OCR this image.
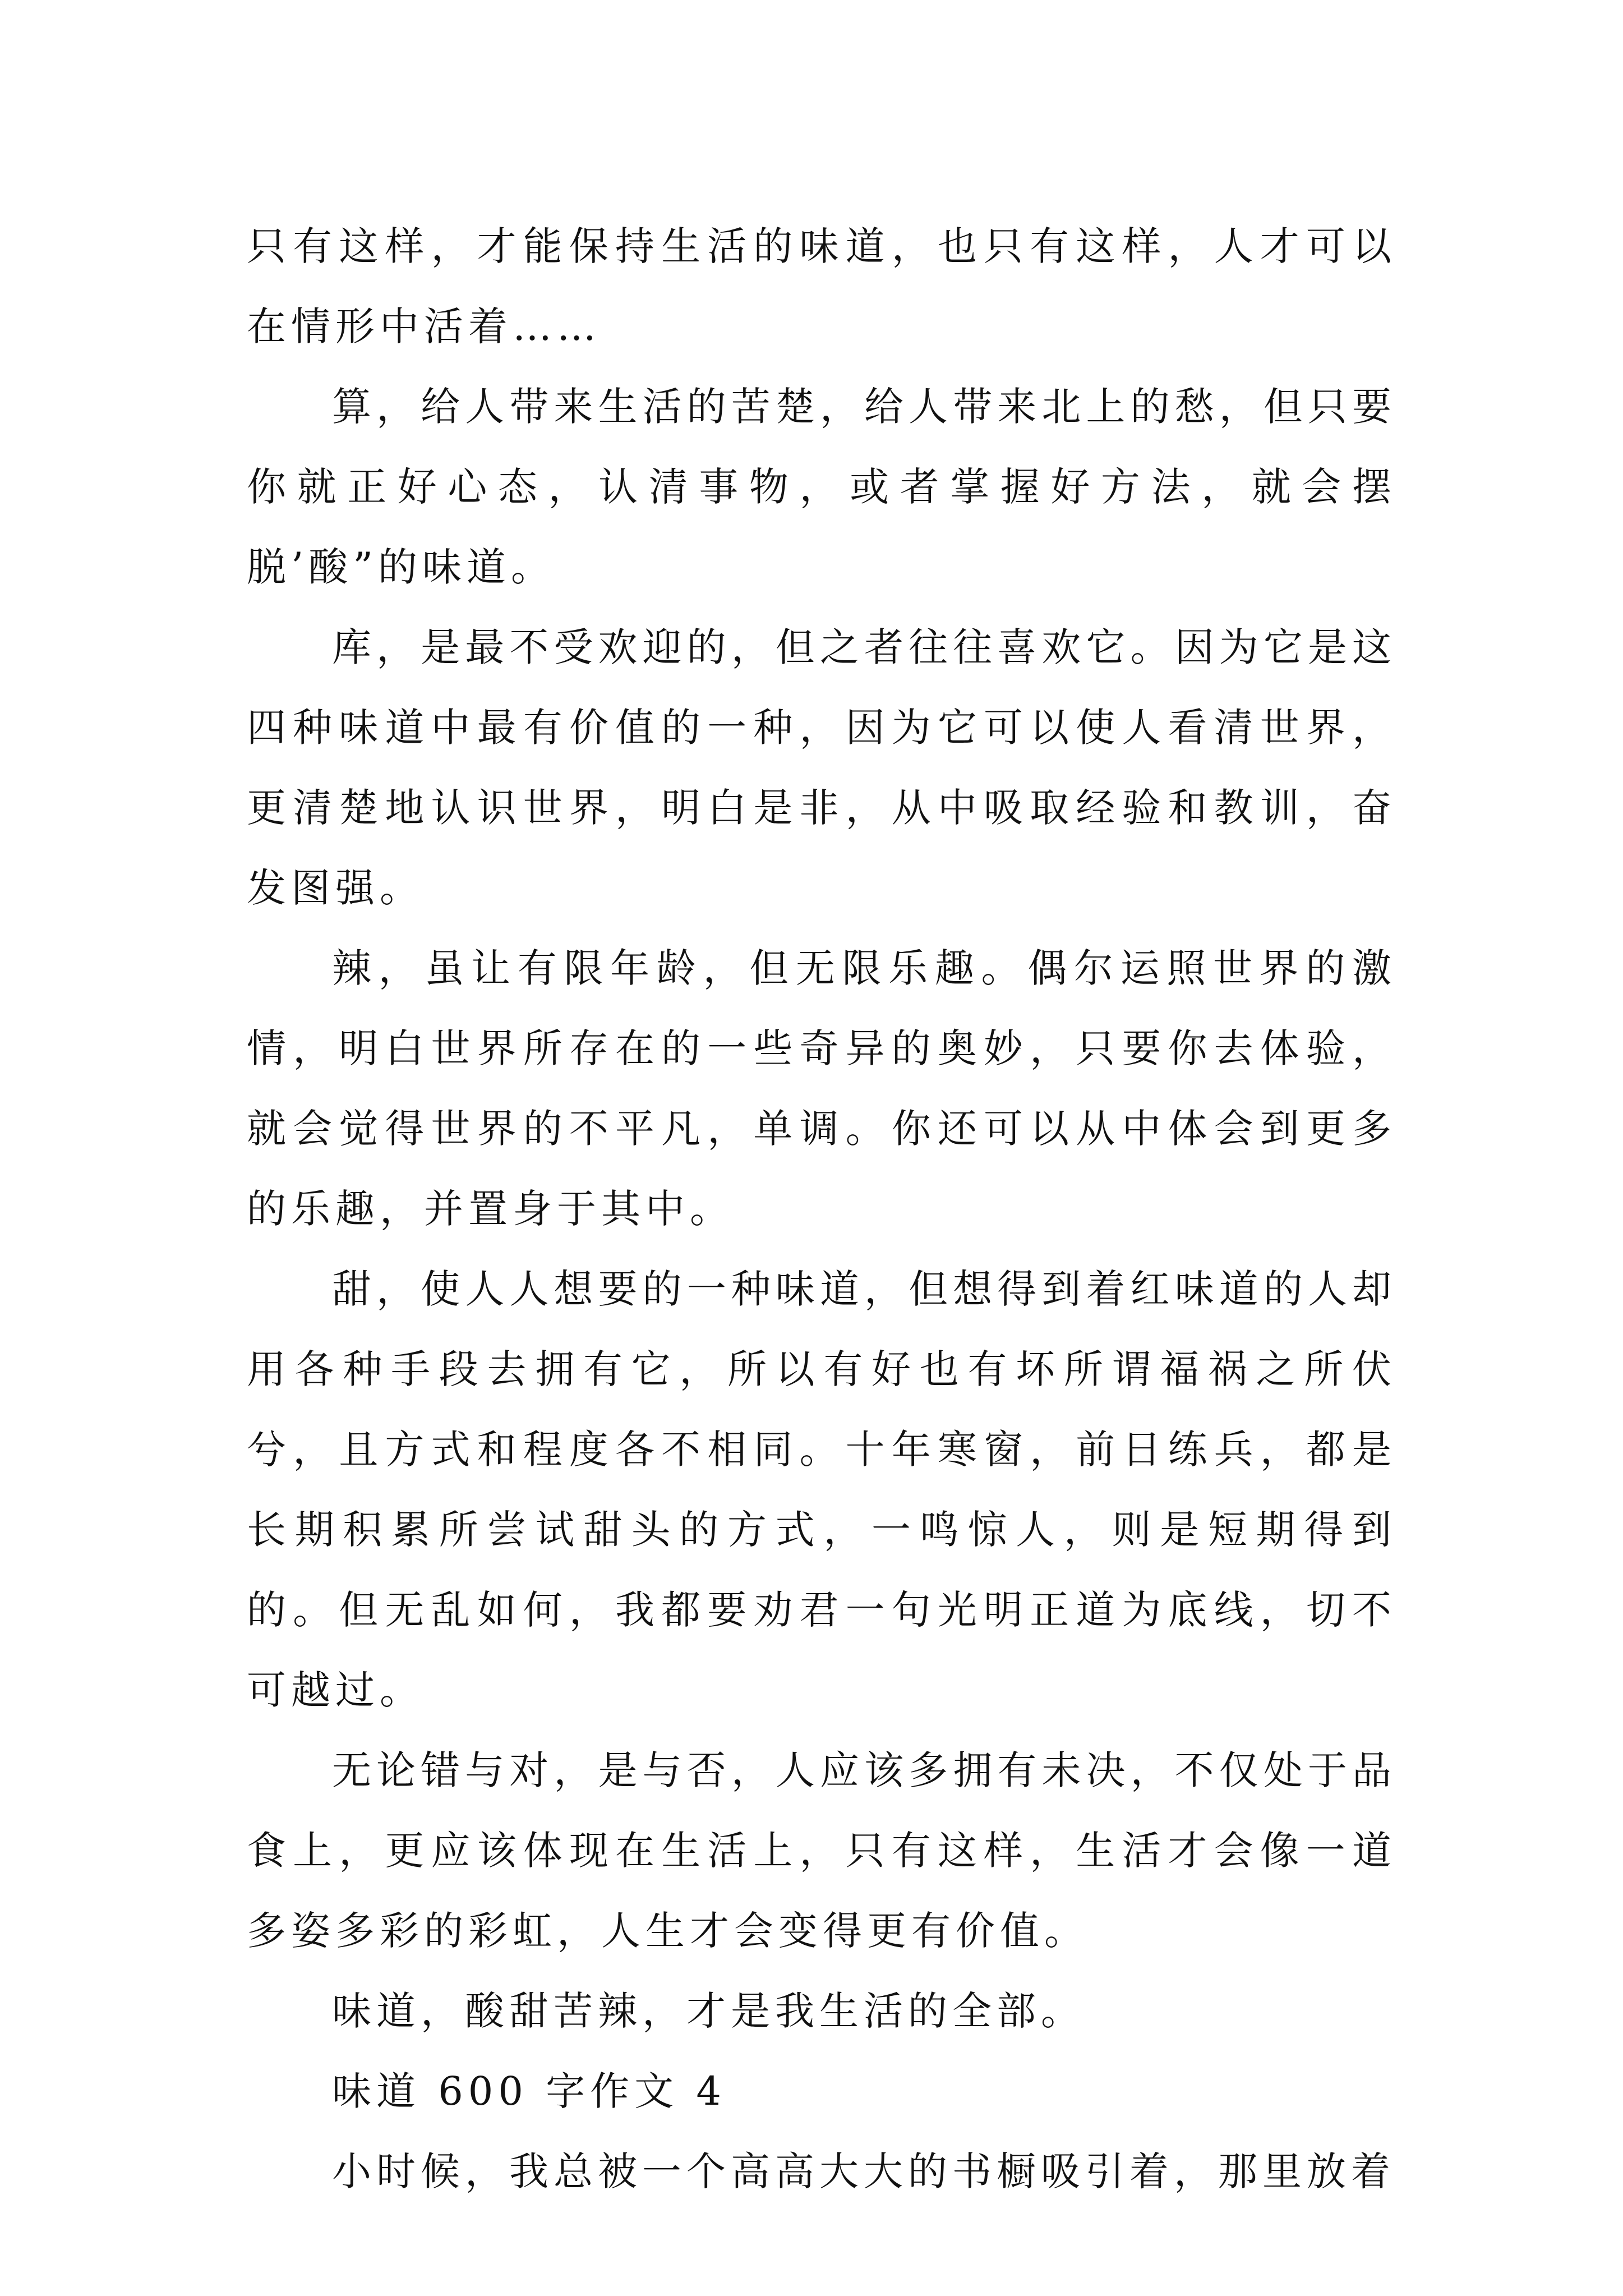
只有这样，才能保持生活的味道，也只有这样，人才可以在情形中活着……

算，给人带来生活的苦楚，给人带来北上的愁，但只要你就正好心态，认清事物，或者掌握好方法，就会摆脱’酸”的味道。

库，是最不受欢迎的，但之者往往喜欢它。因为它是这四种味道中最有价值的一种，因为它可以使人看清世界，更清楚地认识世界，明白是非，从中吸取经验和教训，奋发图强。

辣，虽让有限年龄，但无限乐趣。偶尔运照世界的激情，明白世界所存在的一些奇异的奥妙，只要你去体验，就会觉得世界的不平凡，单调。你还可以从中体会到更多的乐趣，并置身于其中。

甜，使人人想要的一种味道，但想得到着红味道的人却用各种手段去拥有它，所以有好也有坏所谓福祸之所伏兮，且方式和程度各不相同。十年寒窗，前日练兵，都是长期积累所尝试甜头的方式，一鸣惊人，则是短期得到的。但无乱如何，我都要劝君一句光明正道为底线，切不可越过。

无论错与对，是与否，人应该多拥有未决，不仅处于品食上，更应该体现在生活上，只有这样，生活才会像一道多姿多彩的彩虹，人生才会变得更有价值。

味道，酸甜苦辣，才是我生活的全部。

味道 600 字作文 4

小时候，我总被一个高高大大的书橱吸引着，那里放着
